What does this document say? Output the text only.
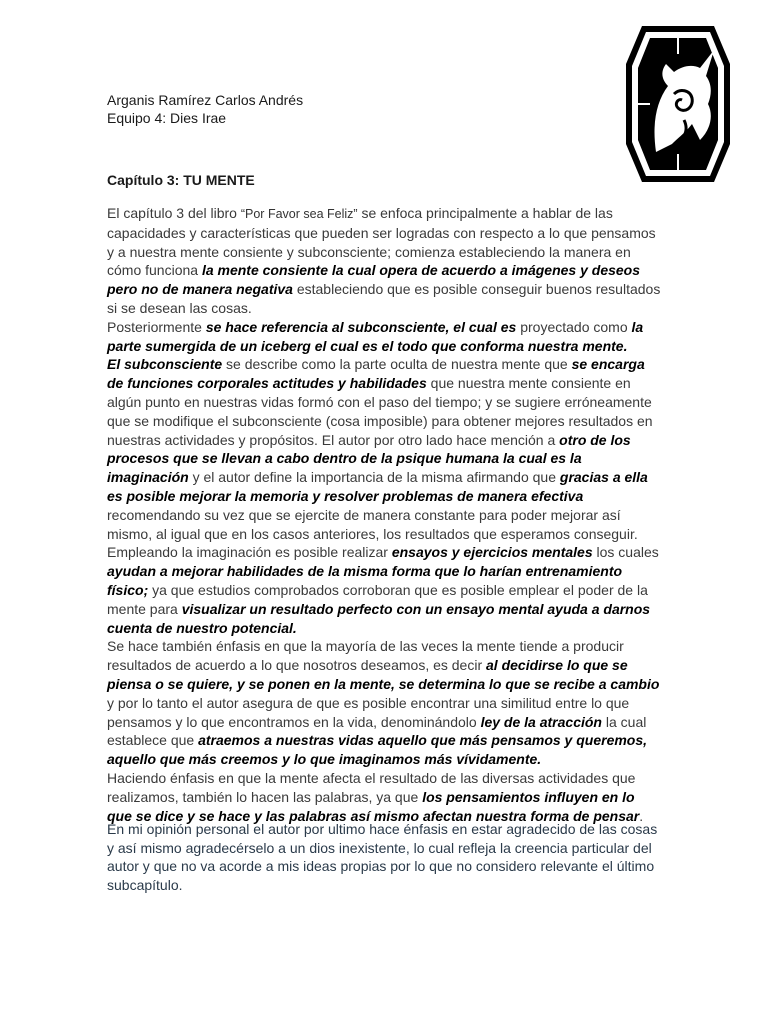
Arganis Ramírez Carlos Andrés
Equipo 4: Dies Irae
Capítulo 3: TU MENTE

El capítulo 3 del libro “Por Favor sea Feliz” se enfoca principalmente a hablar de las capacidades y características que pueden ser logradas con respecto a lo que pensamos y a nuestra mente consiente y subconsciente; comienza estableciendo la manera en cómo funciona la mente consiente la cual opera de acuerdo a imágenes y deseos pero no de manera negativa estableciendo que es posible conseguir buenos resultados si se desean las cosas.

Posteriormente se hace referencia al subconsciente, el cual es proyectado como la parte sumergida de un iceberg el cual es el todo que conforma nuestra mente.

El subconsciente se describe como la parte oculta de nuestra mente que se encarga de funciones corporales actitudes y habilidades que nuestra mente consiente en algún punto en nuestras vidas formó con el paso del tiempo; y se sugiere erróneamente que se modifique el subconsciente (cosa imposible) para obtener mejores resultados en nuestras actividades y propósitos. El autor por otro lado hace mención a otro de los procesos que se llevan a cabo dentro de la psique humana la cual es la imaginación y el autor define la importancia de la misma afirmando que gracias a ella es posible mejorar la memoria y resolver problemas de manera efectiva recomendando su vez que se ejercite de manera constante para poder mejorar así mismo, al igual que en los casos anteriores, los resultados que esperamos conseguir. Empleando la imaginación es posible realizar ensayos y ejercicios mentales los cuales ayudan a mejorar habilidades de la misma forma que lo harían entrenamiento físico; ya que estudios comprobados corroboran que es posible emplear el poder de la mente para visualizar un resultado perfecto con un ensayo mental ayuda a darnos cuenta de nuestro potencial.

Se hace también énfasis en que la mayoría de las veces la mente tiende a producir resultados de acuerdo a lo que nosotros deseamos, es decir al decidirse lo que se piensa o se quiere, y se ponen en la mente, se determina lo que se recibe a cambio y por lo tanto el autor asegura de que es posible encontrar una similitud entre lo que pensamos y lo que encontramos en la vida, denominándolo ley de la atracción la cual establece que atraemos a nuestras vidas aquello que más pensamos y queremos, aquello que más creemos y lo que imaginamos más vívidamente.

Haciendo énfasis en que la mente afecta el resultado de las diversas actividades que realizamos, también lo hacen las palabras, ya que los pensamientos influyen en lo que se dice y se hace y las palabras así mismo afectan nuestra forma de pensar.

En mi opinión personal el autor por ultimo hace énfasis en estar agradecido de las cosas y así mismo agradecérselo a un dios inexistente, lo cual refleja la creencia particular del autor y que no va acorde a mis ideas propias por lo que no considero relevante el último subcapítulo.
